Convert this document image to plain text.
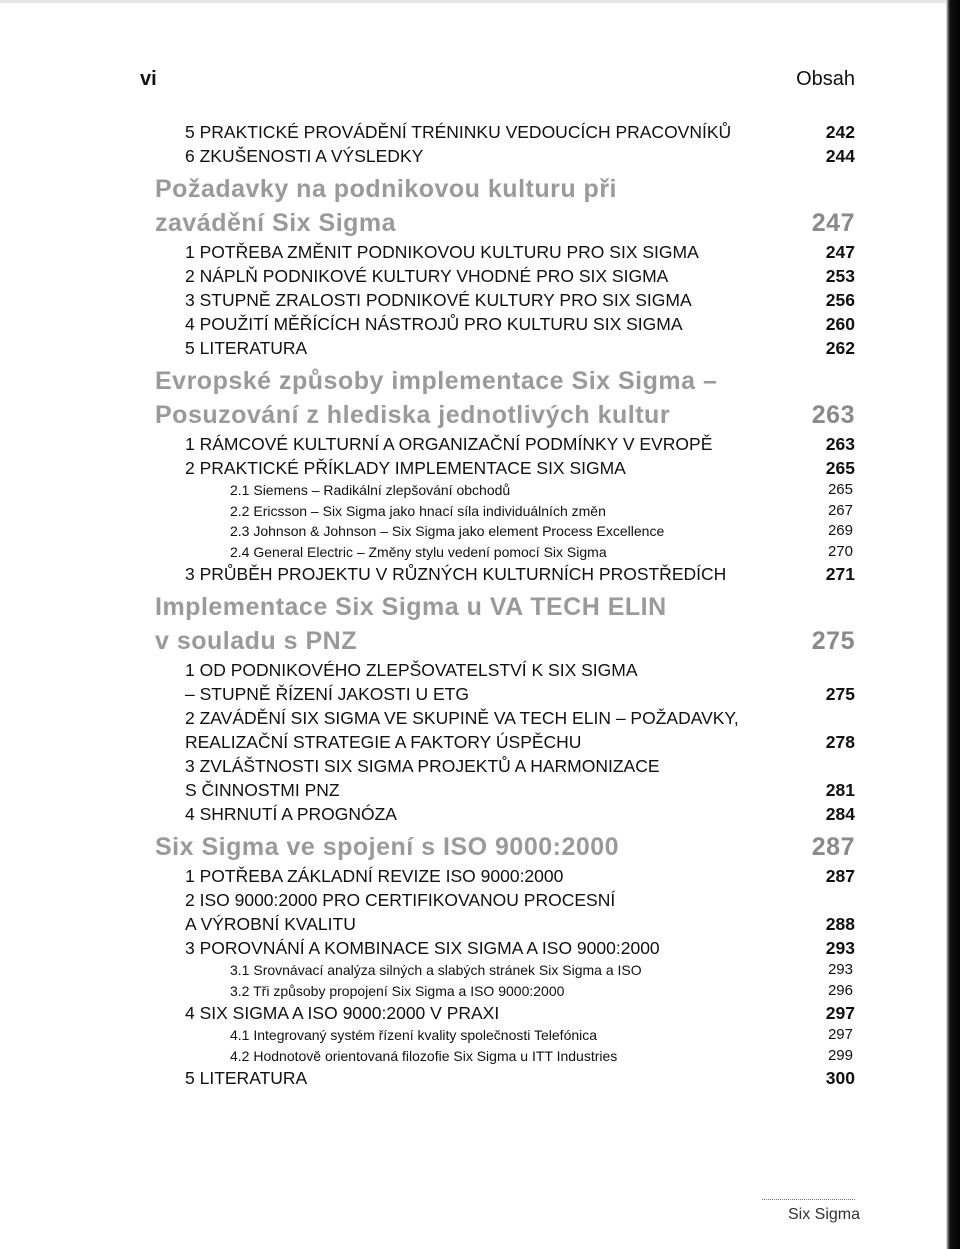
vi	Obsah
5 PRAKTICKÉ PROVÁDĚNÍ TRÉNINKU VEDOUCÍCH PRACOVNÍKŮ	242
6 ZKUŠENOSTI A VÝSLEDKY	244
Požadavky na podnikovou kulturu při
zavádění Six Sigma	247
1 POTŘEBA ZMĚNIT PODNIKOVOU KULTURU PRO SIX SIGMA	247
2 NÁPLŇ PODNIKOVÉ KULTURY VHODNÉ PRO SIX SIGMA	253
3 STUPNĚ ZRALOSTI PODNIKOVÉ KULTURY PRO SIX SIGMA	256
4 POUŽITÍ MĚŘÍCÍCH NÁSTROJŮ PRO KULTURU SIX SIGMA	260
5 LITERATURA	262
Evropské způsoby implementace Six Sigma –
Posuzování z hlediska jednotlivých kultur	263
1 RÁMCOVÉ KULTURNÍ A ORGANIZAČNÍ PODMÍNKY V EVROPĚ	263
2 PRAKTICKÉ PŘÍKLADY IMPLEMENTACE SIX SIGMA	265
2.1 Siemens – Radikální zlepšování obchodů	265
2.2 Ericsson – Six Sigma jako hnací síla individuálních změn	267
2.3 Johnson & Johnson – Six Sigma jako element Process Excellence	269
2.4 General Electric – Změny stylu vedení pomocí Six Sigma	270
3 PRŮBĚH PROJEKTU V RŮZNÝCH KULTURNÍCH PROSTŘEDÍCH	271
Implementace Six Sigma u VA TECH ELIN
v souladu s PNZ	275
1 OD PODNIKOVÉHO ZLEPŠOVATELSTVÍ K SIX SIGMA
– STUPNĚ ŘÍZENÍ JAKOSTI U ETG	275
2 ZAVÁDĚNÍ SIX SIGMA VE SKUPINĚ VA TECH ELIN – POŽADAVKY,
REALIZAČNÍ STRATEGIE A FAKTORY ÚSPĚCHU	278
3 ZVLÁŠTNOSTI SIX SIGMA PROJEKTŮ A HARMONIZACE
S ČINNOSTMI PNZ	281
4 SHRNUTÍ A PROGNÓZA	284
Six Sigma ve spojení s ISO 9000:2000	287
1 POTŘEBA ZÁKLADNÍ REVIZE ISO 9000:2000	287
2 ISO 9000:2000 PRO CERTIFIKOVANOU PROCESNÍ
A VÝROBNÍ KVALITU	288
3 POROVNÁNÍ A KOMBINACE SIX SIGMA A ISO 9000:2000	293
3.1 Srovnávací analýza silných a slabých stránek Six Sigma a ISO	293
3.2 Tři způsoby propojení Six Sigma a ISO 9000:2000	296
4 SIX SIGMA A ISO 9000:2000 V PRAXI	297
4.1 Integrovaný systém řízení kvality společnosti Telefónica	297
4.2 Hodnotově orientovaná filozofie Six Sigma u ITT Industries	299
5 LITERATURA	300
Six Sigma
